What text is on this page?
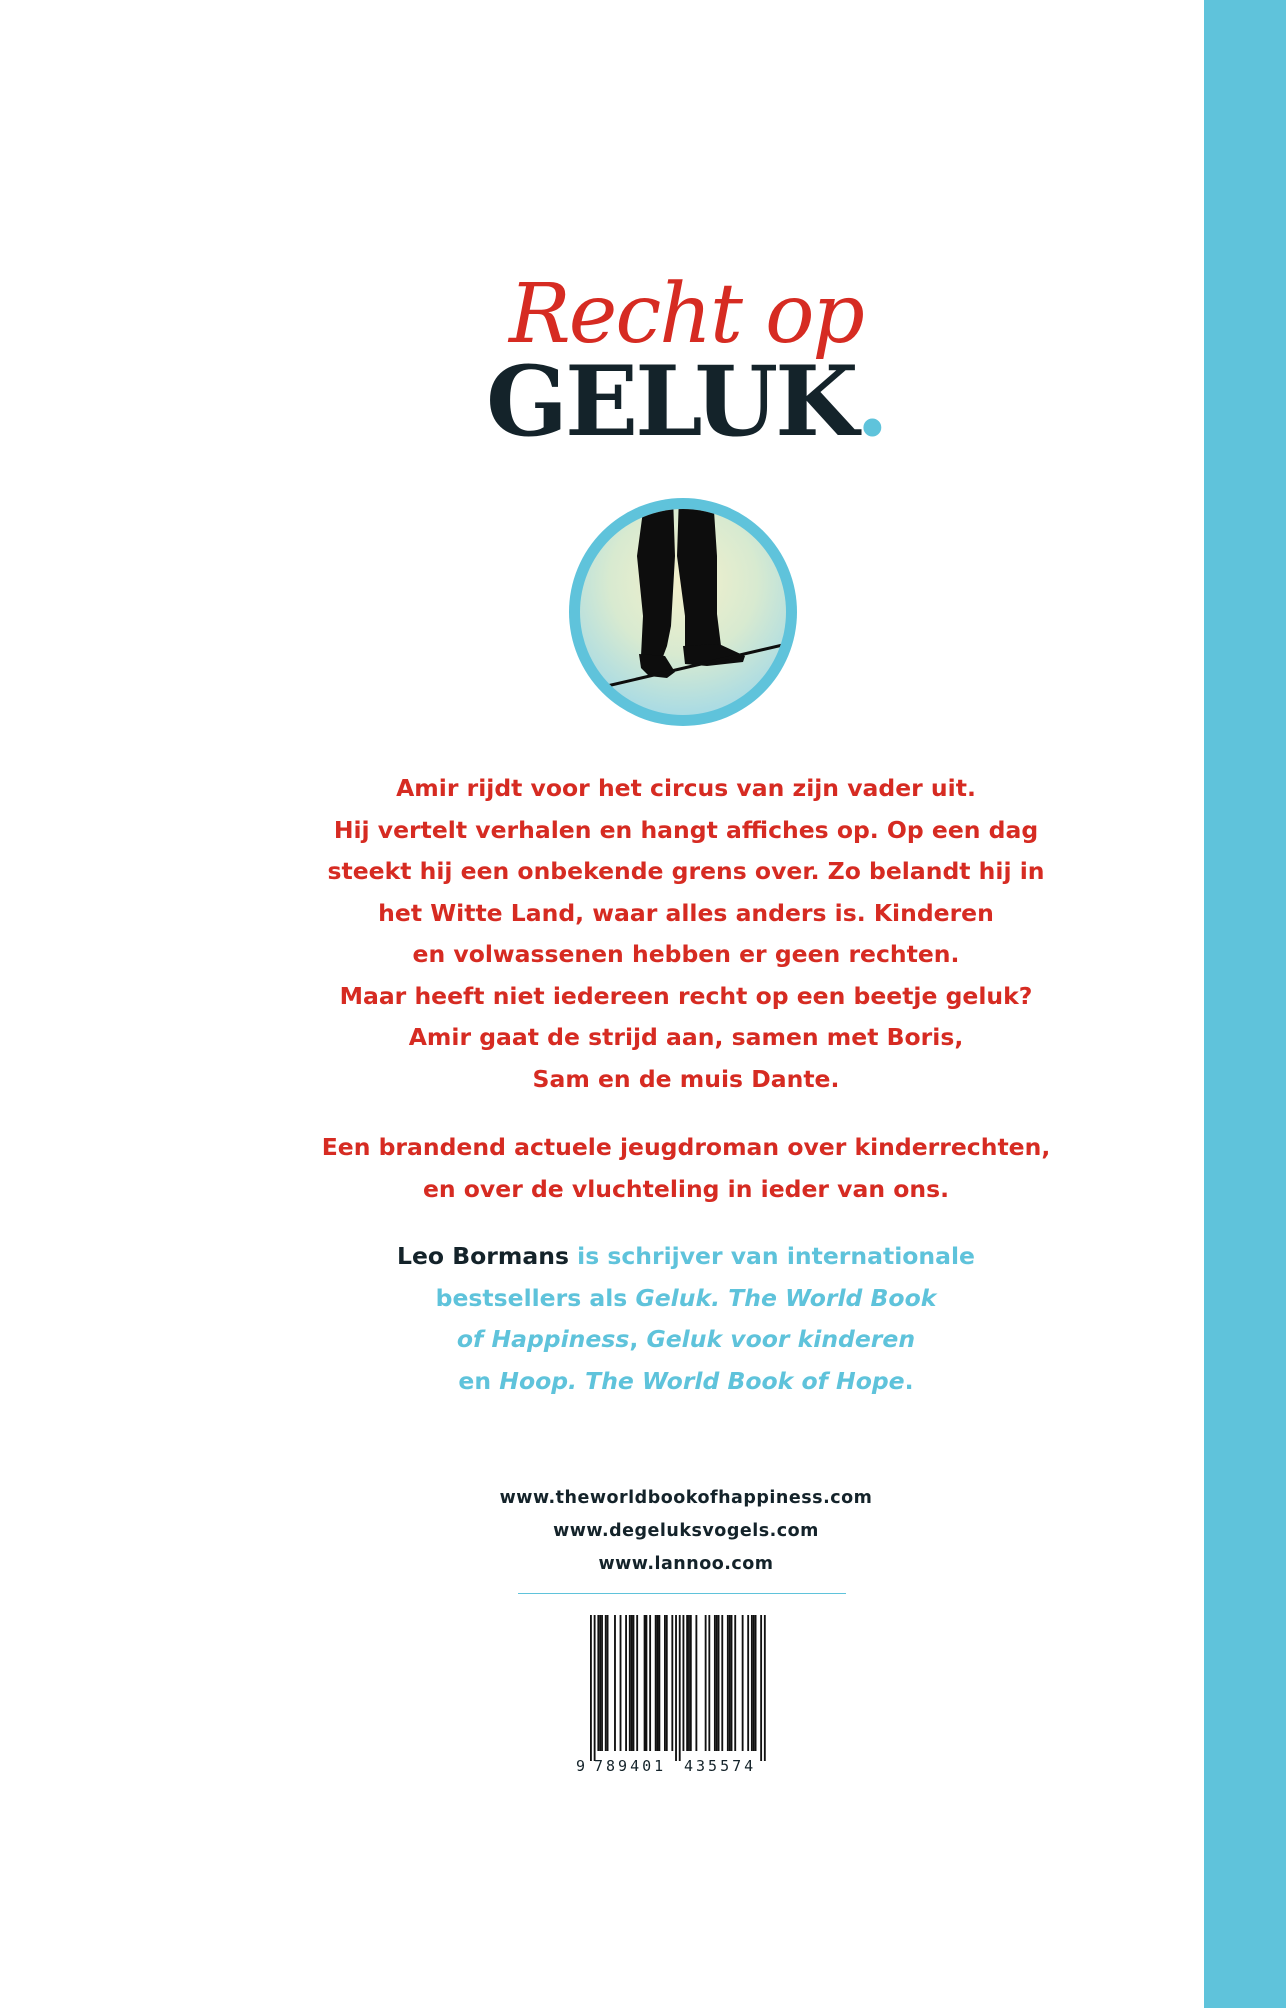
Recht op
GELUK.

Amir rijdt voor het circus van zijn vader uit.
Hij vertelt verhalen en hangt affiches op. Op een dag
steekt hij een onbekende grens over. Zo belandt hij in
het Witte Land, waar alles anders is. Kinderen
en volwassenen hebben er geen rechten.
Maar heeft niet iedereen recht op een beetje geluk?
Amir gaat de strijd aan, samen met Boris,
Sam en de muis Dante.

Een brandend actuele jeugdroman over kinderrechten,
en over de vluchteling in ieder van ons.

Leo Bormans is schrijver van internationale
bestsellers als Geluk. The World Book
of Happiness, Geluk voor kinderen
en Hoop. The World Book of Hope.

www.theworldbookofhappiness.com
www.degeluksvogels.com
www.lannoo.com
9 789401 435574
